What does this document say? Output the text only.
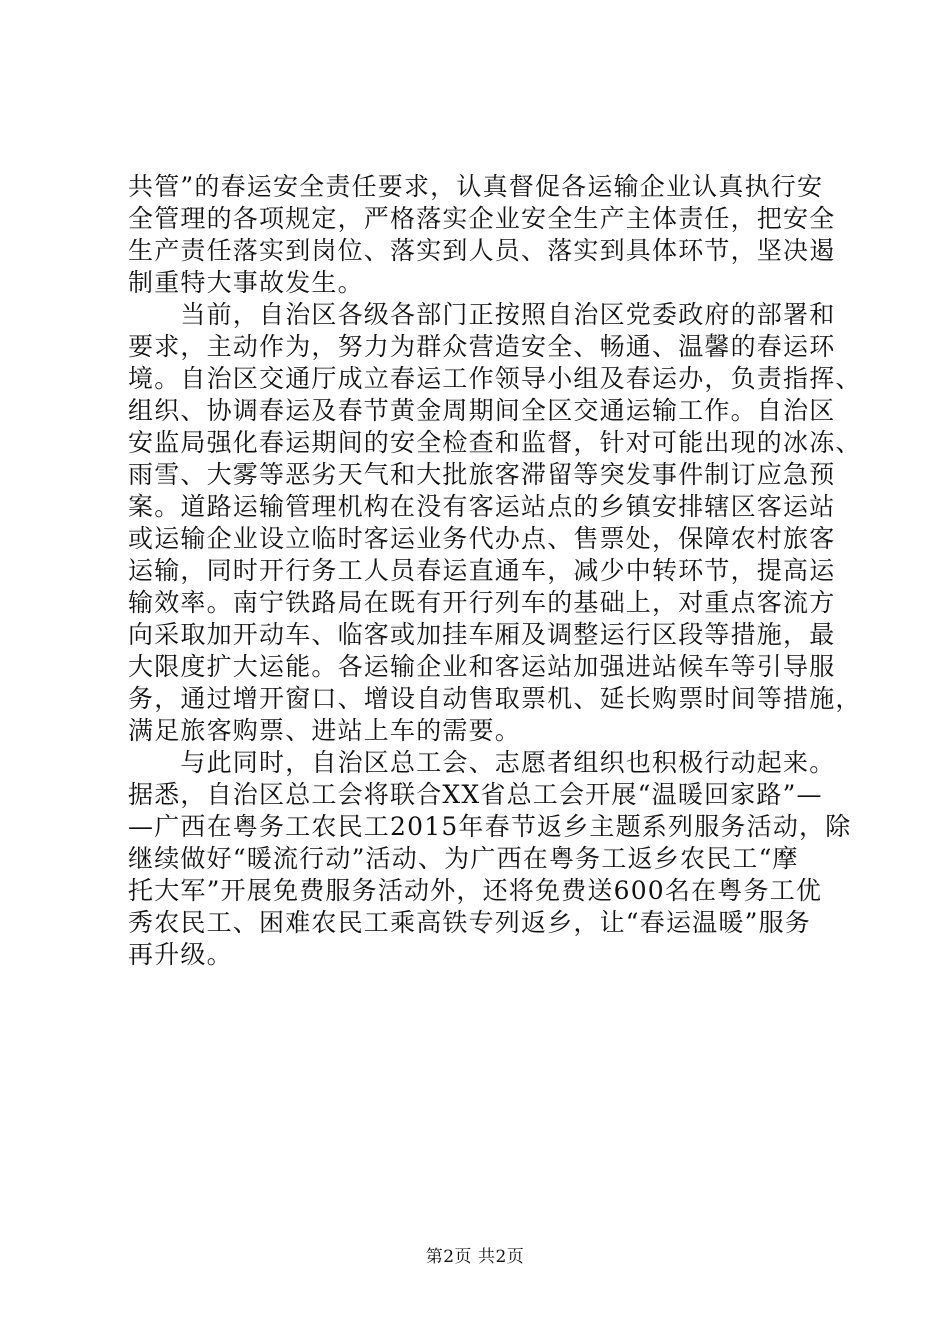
共管”的春运安全责任要求，认真督促各运输企业认真执行安
全管理的各项规定，严格落实企业安全生产主体责任，把安全
生产责任落实到岗位、落实到人员、落实到具体环节，坚决遏
制重特大事故发生。
　　当前，自治区各级各部门正按照自治区党委政府的部署和
要求，主动作为，努力为群众营造安全、畅通、温馨的春运环
境。自治区交通厅成立春运工作领导小组及春运办，负责指挥、
组织、协调春运及春节黄金周期间全区交通运输工作。自治区
安监局强化春运期间的安全检查和监督，针对可能出现的冰冻、
雨雪、大雾等恶劣天气和大批旅客滞留等突发事件制订应急预
案。道路运输管理机构在没有客运站点的乡镇安排辖区客运站
或运输企业设立临时客运业务代办点、售票处，保障农村旅客
运输，同时开行务工人员春运直通车，减少中转环节，提高运
输效率。南宁铁路局在既有开行列车的基础上，对重点客流方
向采取加开动车、临客或加挂车厢及调整运行区段等措施，最
大限度扩大运能。各运输企业和客运站加强进站候车等引导服
务，通过增开窗口、增设自动售取票机、延长购票时间等措施，
满足旅客购票、进站上车的需要。
　　与此同时，自治区总工会、志愿者组织也积极行动起来。
据悉，自治区总工会将联合XX省总工会开展“温暖回家路”—
—广西在粤务工农民工2015年春节返乡主题系列服务活动，除
继续做好“暖流行动”活动、为广西在粤务工返乡农民工“摩
托大军”开展免费服务活动外，还将免费送600名在粤务工优
秀农民工、困难农民工乘高铁专列返乡，让“春运温暖”服务
再升级。
第2页 共2页
